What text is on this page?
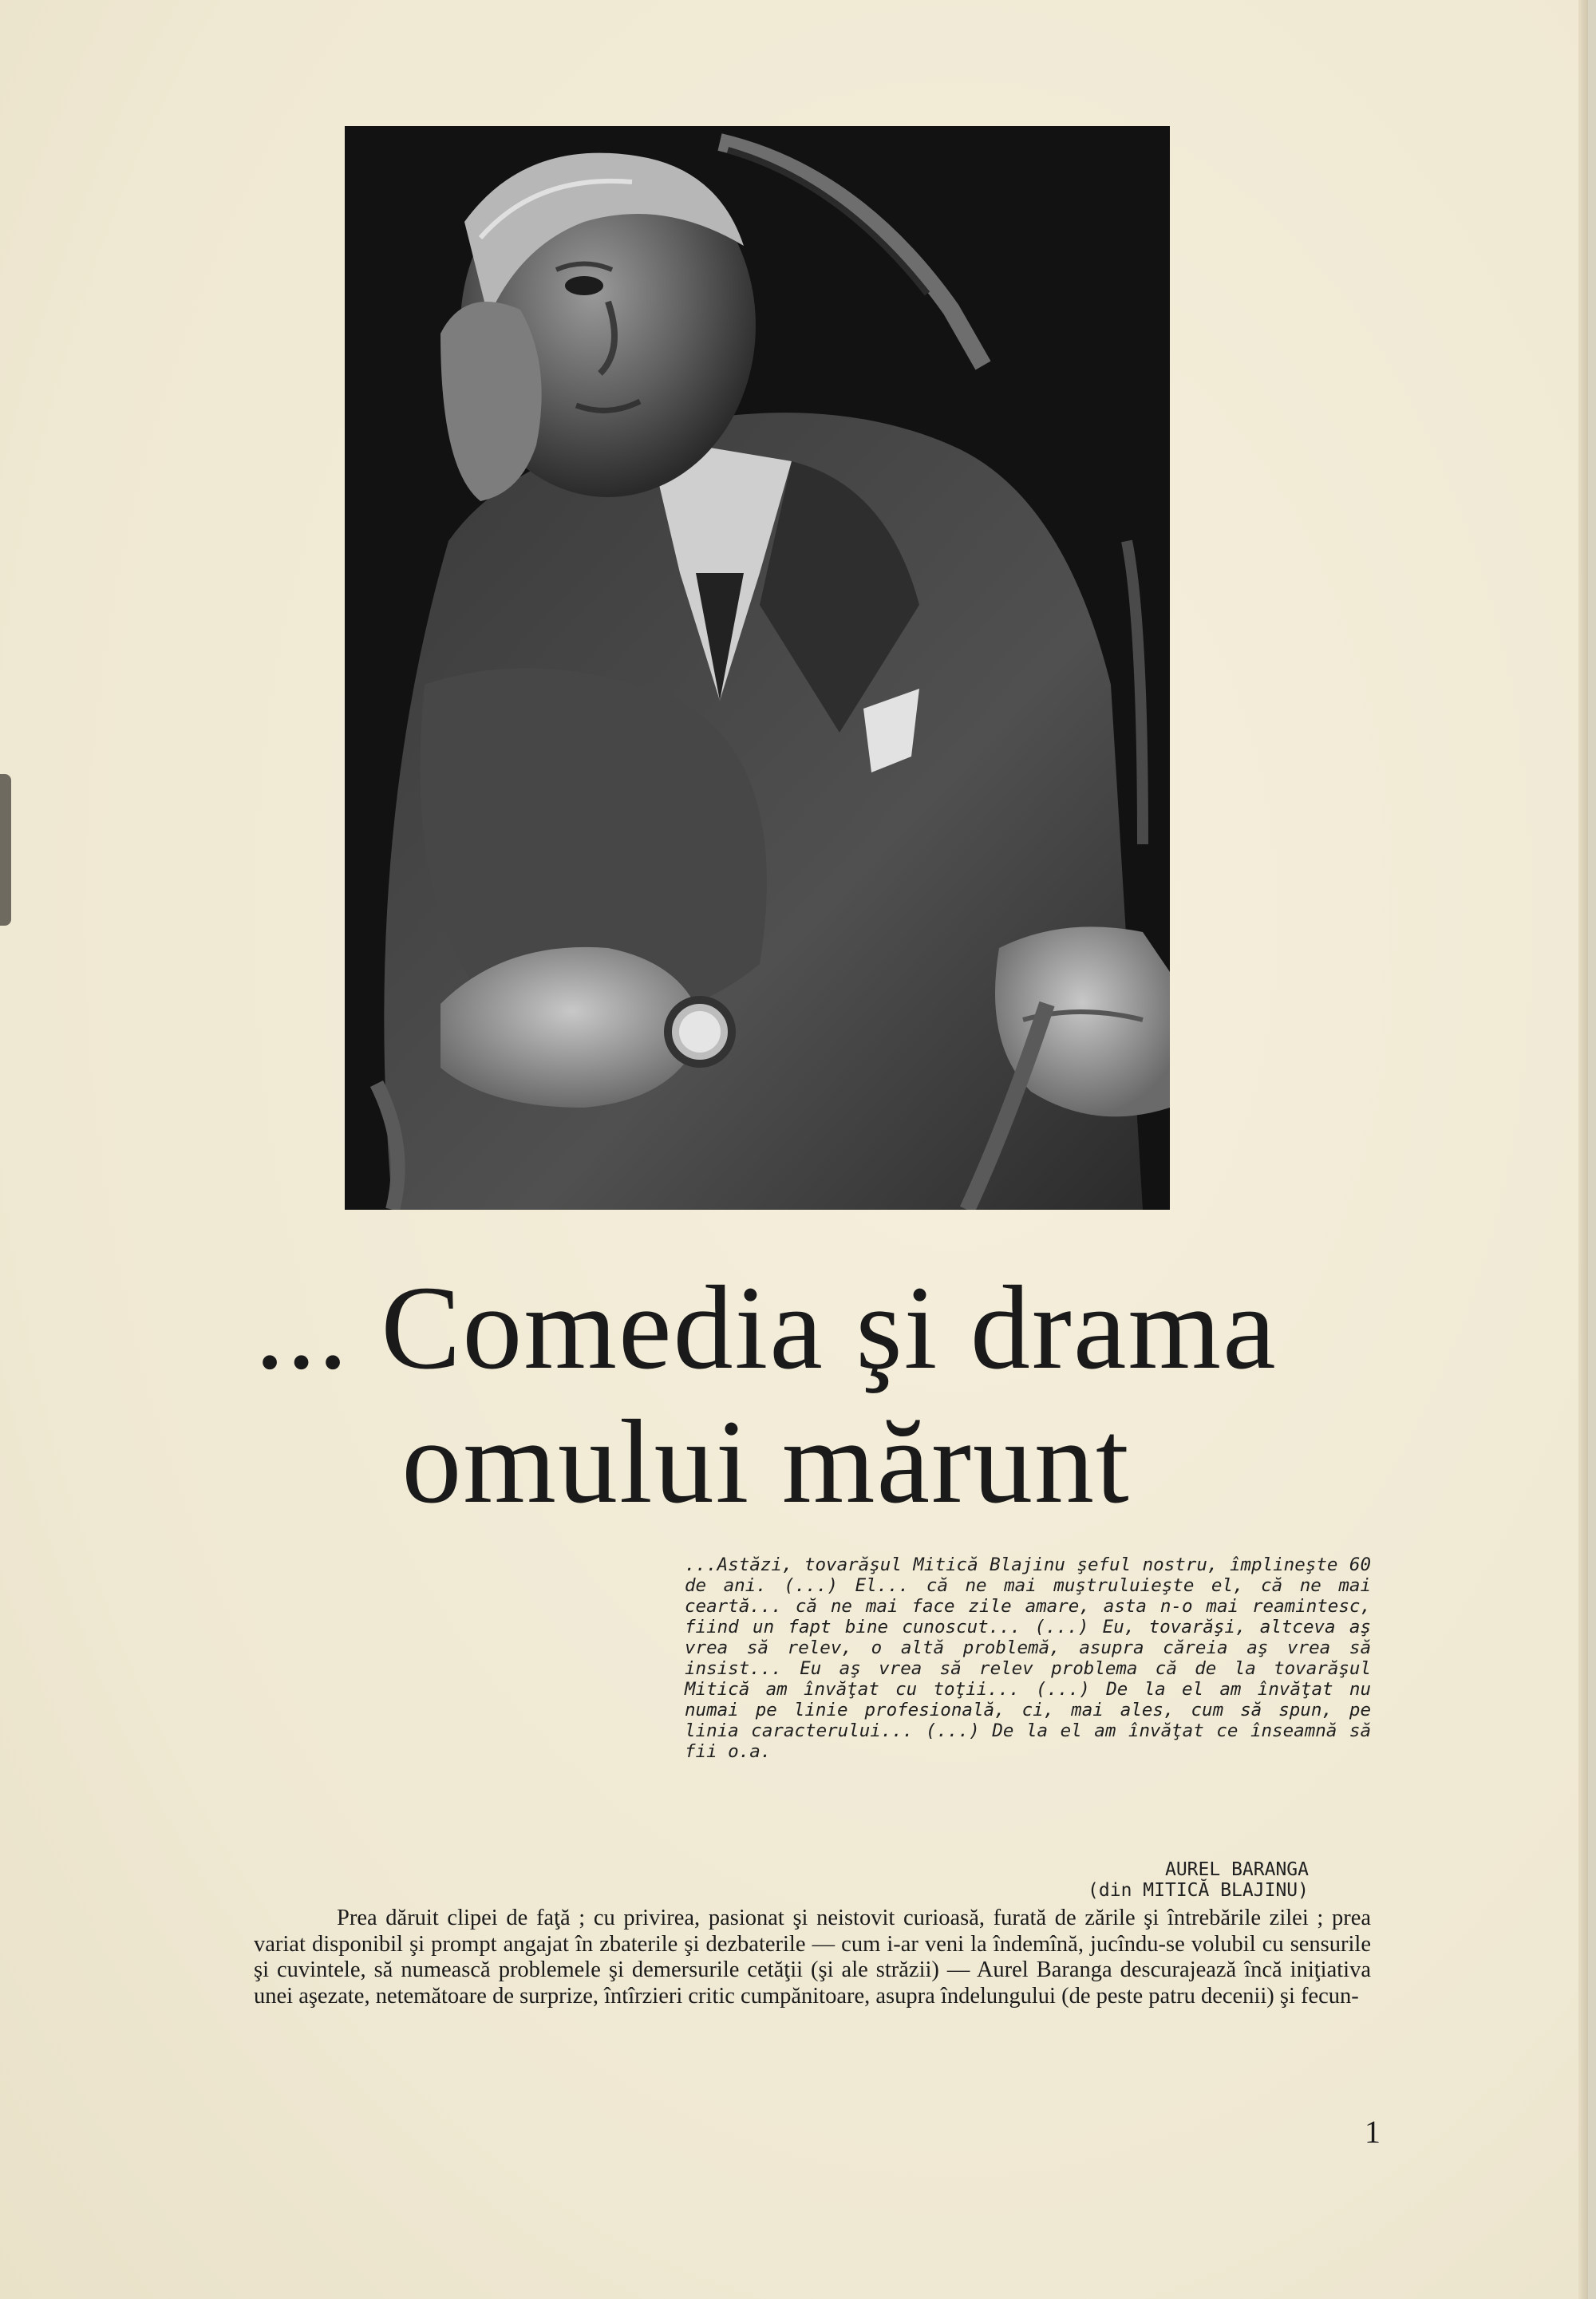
... Comedia şi drama
omului mărunt

...Astăzi, tovarăşul Mitică Blajinu şeful nostru, împlineşte 60 de ani. (...) El... că ne mai muştruluieşte el, că ne mai ceartă... că ne mai face zile amare, asta n-o mai reamintesc, fiind un fapt bine cunoscut... (...) Eu, tovarăşi, altceva aş vrea să relev, o altă problemă, asupra căreia aş vrea să insist... Eu aş vrea să relev problema că de la tovarăşul Mitică am învăţat cu toţii... (...) De la el am învăţat nu numai pe linie profesională, ci, mai ales, cum să spun, pe linia caracterului... (...) De la el am învăţat ce înseamnă să fii o.a.

AUREL BARANGA
(din MITICĂ BLAJINU)

Prea dăruit clipei de faţă ; cu privirea, pasionat şi neistovit curioasă, furată de zările şi întrebările zilei ; prea variat disponibil şi prompt angajat în zbaterile şi dezbaterile — cum i-ar veni la îndemînă, jucîndu-se volubil cu sensurile şi cuvintele, să numească problemele şi demersurile cetăţii (şi ale străzii) — Aurel Baranga descurajează încă iniţiativa unei aşezate, netemătoare de surprize, întîrzieri critic cumpănitoare, asupra îndelungului (de peste patru decenii) şi fecun-

1
